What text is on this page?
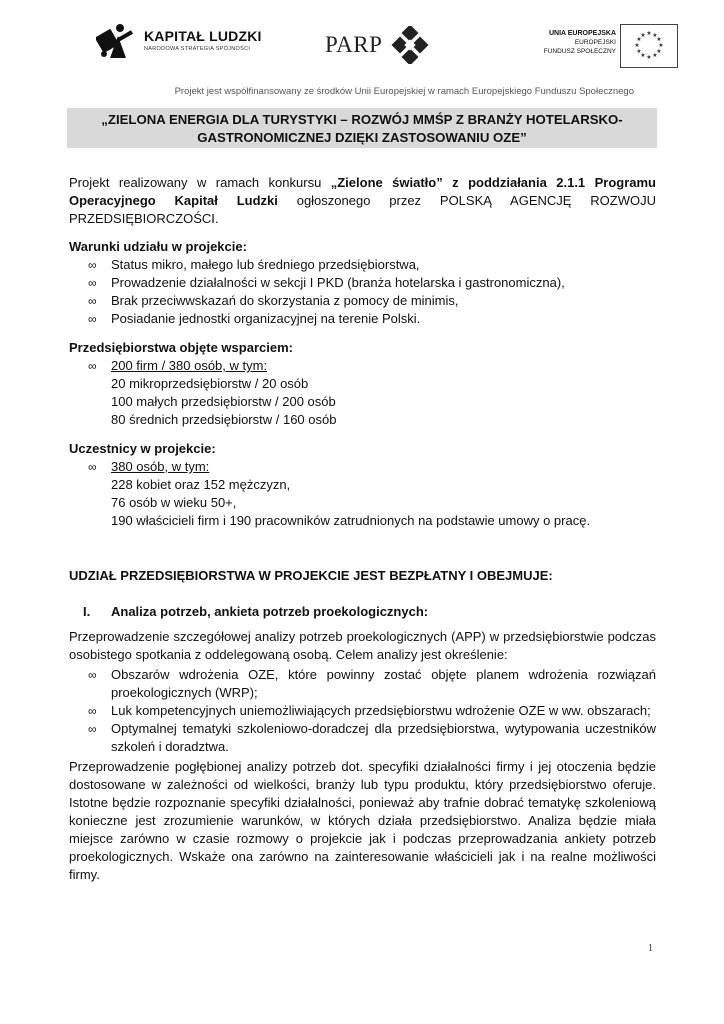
KAPITAŁ LUDZKI
NARODOWA STRATEGIA SPÓJNOŚCI	PARP	UNIA EUROPEJSKA
EUROPEJSKI
FUNDUSZ SPOŁECZNY
★ ★
★
★
★
★
★
★
★
★
★
★
Projekt jest współfinansowany ze środków Unii Europejskiej w ramach Europejskiego Funduszu Społecznego
„ZIELONA ENERGIA DLA TURYSTYKI – ROZWÓJ MMŚP Z BRANŻY HOTELARSKO-
GASTRONOMICZNEJ DZIĘKI ZASTOSOWANIU OZE”

Projekt realizowany w ramach konkursu „Zielone światło” z poddziałania 2.1.1 Programu Operacyjnego Kapitał Ludzki ogłoszonego przez POLSKĄ AGENCJĘ ROZWOJU PRZEDSIĘBIORCZOŚCI.

Warunki udziału w projekcie:

∞ Status mikro, małego lub średniego przedsiębiorstwa,
∞ Prowadzenie działalności w sekcji I PKD (branża hotelarska i gastronomiczna),
∞ Brak przeciwwskazań do skorzystania z pomocy de minimis,
∞ Posiadanie jednostki organizacyjnej na terenie Polski.

Przedsiębiorstwa objęte wsparciem:

∞ 200 firm / 380 osób, w tym:

20 mikroprzedsiębiorstw / 20 osób

100 małych przedsiębiorstw / 200 osób

80 średnich przedsiębiorstw / 160 osób

Uczestnicy w projekcie:

∞ 380 osób, w tym:

228 kobiet oraz 152 mężczyzn,

76 osób w wieku 50+,

190 właścicieli firm i 190 pracowników zatrudnionych na podstawie umowy o pracę.

UDZIAŁ PRZEDSIĘBIORSTWA W PROJEKCIE JEST BEZPŁATNY I OBEJMUJE:

I.	Analiza potrzeb, ankieta potrzeb proekologicznych:

Przeprowadzenie szczegółowej analizy potrzeb proekologicznych (APP) w przedsiębiorstwie podczas osobistego spotkania z oddelegowaną osobą. Celem analizy jest określenie:

∞ Obszarów wdrożenia OZE, które powinny zostać objęte planem wdrożenia rozwiązań proekologicznych (WRP);
∞ Luk kompetencyjnych uniemożliwiających przedsiębiorstwu wdrożenie OZE w ww. obszarach;
∞ Optymalnej tematyki szkoleniowo-doradczej dla przedsiębiorstwa, wytypowania uczestników szkoleń i doradztwa.

Przeprowadzenie pogłębionej analizy potrzeb dot. specyfiki działalności firmy i jej otoczenia będzie dostosowane w zależności od wielkości, branży lub typu produktu, który przedsiębiorstwo oferuje. Istotne będzie rozpoznanie specyfiki działalności, ponieważ aby trafnie dobrać tematykę szkoleniową konieczne jest zrozumienie warunków, w których działa przedsiębiorstwo. Analiza będzie miała miejsce zarówno w czasie rozmowy o projekcie jak i podczas przeprowadzania ankiety potrzeb proekologicznych. Wskaże ona zarówno na zainteresowanie właścicieli jak i na realne możliwości firmy.

1
